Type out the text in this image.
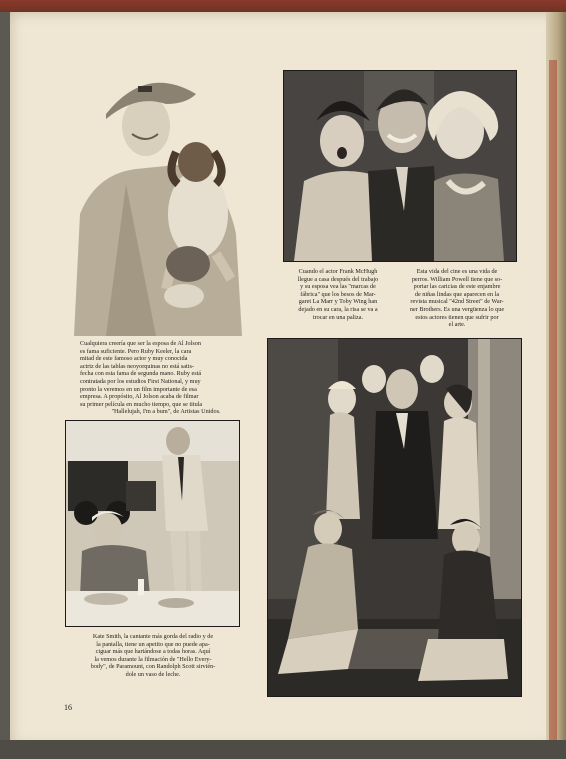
Cualquiera creería que ser la esposa de Al Jolson
es fama suficiente. Pero Ruby Keeler, la cara
mitad de este famoso actor y muy conocida
actriz de las tablas neoyorquinas no está satis-
fecha con esta fama de segunda mano. Ruby está
contratada por los estudios First National, y muy
pronto la veremos en un film importante de esa
empresa. A propósito, Al Jolson acaba de filmar
su primer película en mucho tiempo, que se titula
"Hallelujah, I'm a bum", de Artistas Unidos.
Cuando el actor Frank McHugh
llegue a casa después del trabajo
y su esposa vea las "marcas de
fábrica" que los besos de Mar-
garet La Marr y Toby Wing han
dejado en su cara, la risa se va a
trocar en una paliza.
Esta vida del cine es una vida de
perros. William Powell tiene que so-
portar las caricias de este enjambre
de niñas lindas que aparecen en la
revista musical "42nd Street" de War-
ner Brothers. Es una vergüenza lo que
estos actores tienen que sufrir por
el arte.
Kate Smith, la cantante más gorda del radio y de
la pantalla, tiene un apetito que no puede apa-
ciguar más que hartándose a todas horas. Aquí
la vemos durante la filmación de "Hello Every-
body", de Paramount, con Randolph Scott sirvién-
dole un vaso de leche.
16
